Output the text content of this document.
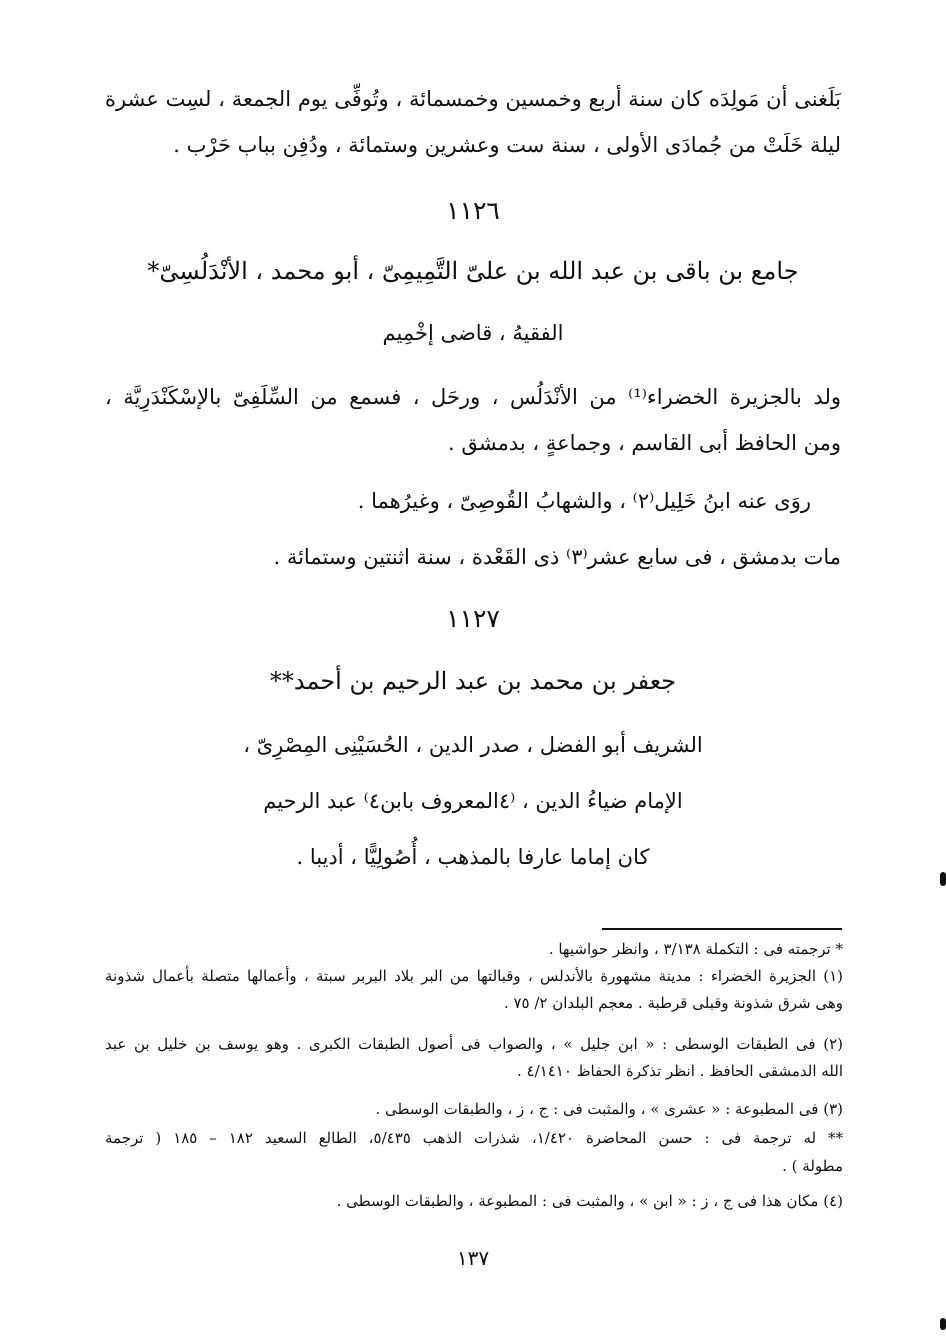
بَلَغنى أن مَولِدَه كان سنة أربع وخمسين وخمسمائة ، وتُوفِّى يوم الجمعة ، لسِت عشرة
ليلة خَلَتْ من جُمادَى الأولى ، سنة ست وعشرين وستمائة ، ودُفِن بباب حَرْب .
١١٢٦
جامع بن باقى بن عبد الله بن علىّ التَّمِيمِىّ ، أبو محمد ، الأنْدَلُسِىّ*
الفقيهُ ، قاضى إخْمِيم
ولد بالجزيرة الخضراء⁽¹⁾ من الأنْدَلُس ، ورحَل ، فسمع من السِّلَفِىّ بالإسْكَنْدَرِيَّة ،
ومن الحافظ أبى القاسم ، وجماعةٍ ، بدمشق .
روَى عنه ابنُ خَلِيل⁽٢⁾ ، والشهابُ القُوصِىّ ، وغيرُهما .
مات بدمشق ، فى سابع عشر⁽٣⁾ ذى القَعْدة ، سنة اثنتين وستمائة .
١١٢٧
جعفر بن محمد بن عبد الرحيم بن أحمد**
الشريف أبو الفضل ، صدر الدين ، الحُسَيْنِى المِصْرِىّ ،
الإمام ضياءُ الدين ، ⁽٤المعروف بابن٤⁾ عبد الرحيم
كان إماما عارفا بالمذهب ، أُصُولِيًّا ، أديبا .
* ترجمته فى : التكملة ٣/١٣٨ ، وانظر حواشيها .
(١) الجزيرة الخضراء : مدينة مشهورة بالأندلس ، وقبالتها من البر بلاد البربر سبتة ، وأعمالها متصلة بأعمال شذونة
وهى شرق شذونة وقبلى قرطبة . معجم البلدان ٢/ ٧٥ .
(٢) فى الطبقات الوسطى : « ابن جليل » ، والصواب فى أصول الطبقات الكبرى . وهو يوسف بن خليل بن عبد
الله الدمشقى الحافظ . انظر تذكرة الحفاظ ٤/١٤١٠ .
(٣) فى المطبوعة : « عشرى » ، والمثبت فى : ج ، ز ، والطبقات الوسطى .
** له ترجمة فى : حسن المحاضرة ١/٤٢٠، شذرات الذهب ٥/٤٣٥، الطالع السعيد ١٨٢ – ١٨٥ ( ترجمة
مطولة ) .
(٤) مكان هذا فى ج ، ز : « ابن » ، والمثبت فى : المطبوعة ، والطبقات الوسطى .
١٣٧
